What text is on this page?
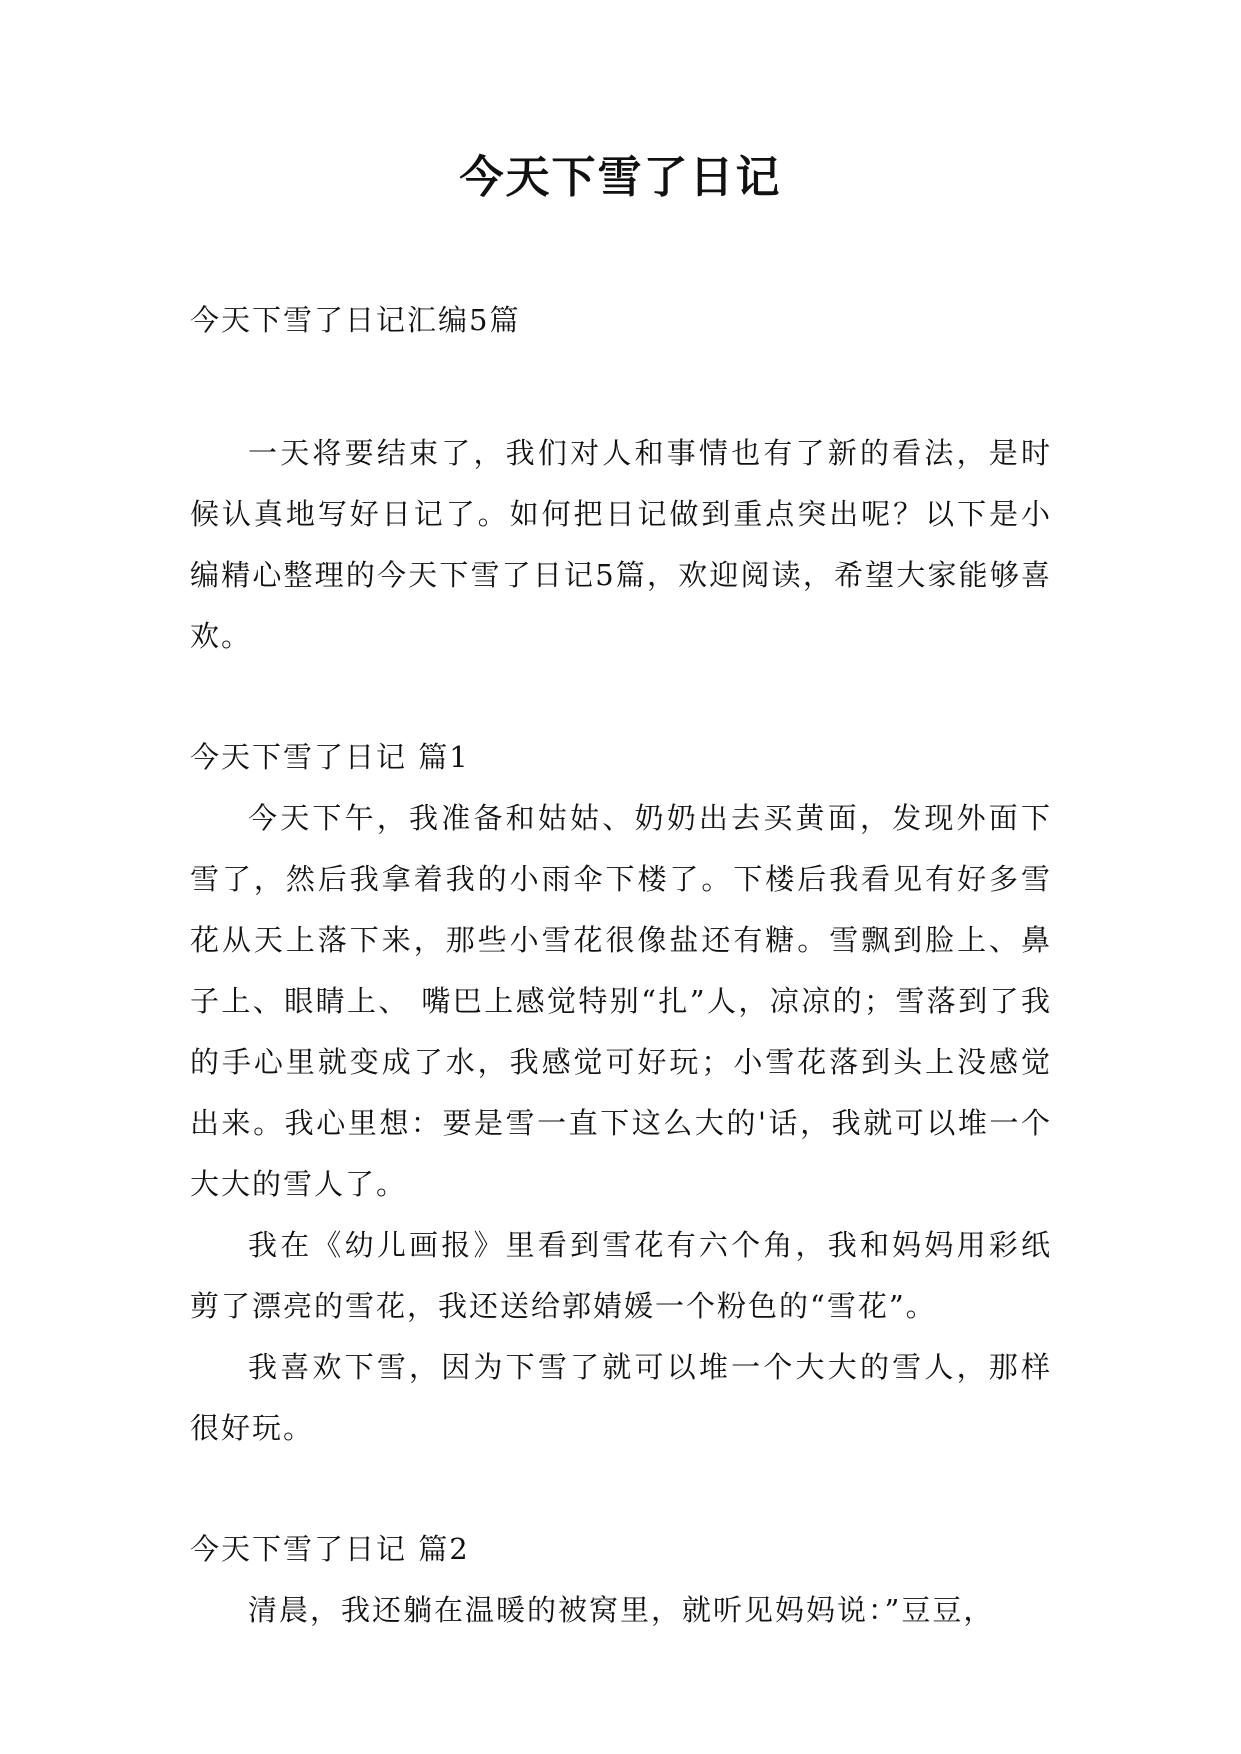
今天下雪了日记

今天下雪了日记汇编5篇

一天将要结束了，我们对人和事情也有了新的看法，是时候认真地写好日记了。如何把日记做到重点突出呢？以下是小编精心整理的今天下雪了日记5篇，欢迎阅读，希望大家能够喜欢。

今天下雪了日记 篇1

今天下午，我准备和姑姑、奶奶出去买黄面，发现外面下雪了，然后我拿着我的小雨伞下楼了。下楼后我看见有好多雪花从天上落下来，那些小雪花很像盐还有糖。雪飘到脸上、鼻子上、眼睛上、 嘴巴上感觉特别“扎”人，凉凉的；雪落到了我的手心里就变成了水，我感觉可好玩；小雪花落到头上没感觉出来。我心里想：要是雪一直下这么大的'话，我就可以堆一个大大的雪人了。

我在《幼儿画报》里看到雪花有六个角，我和妈妈用彩纸剪了漂亮的雪花，我还送给郭婧媛一个粉色的“雪花”。

我喜欢下雪，因为下雪了就可以堆一个大大的雪人，那样很好玩。

今天下雪了日记 篇2

清晨，我还躺在温暖的被窝里，就听见妈妈说：”豆豆，
